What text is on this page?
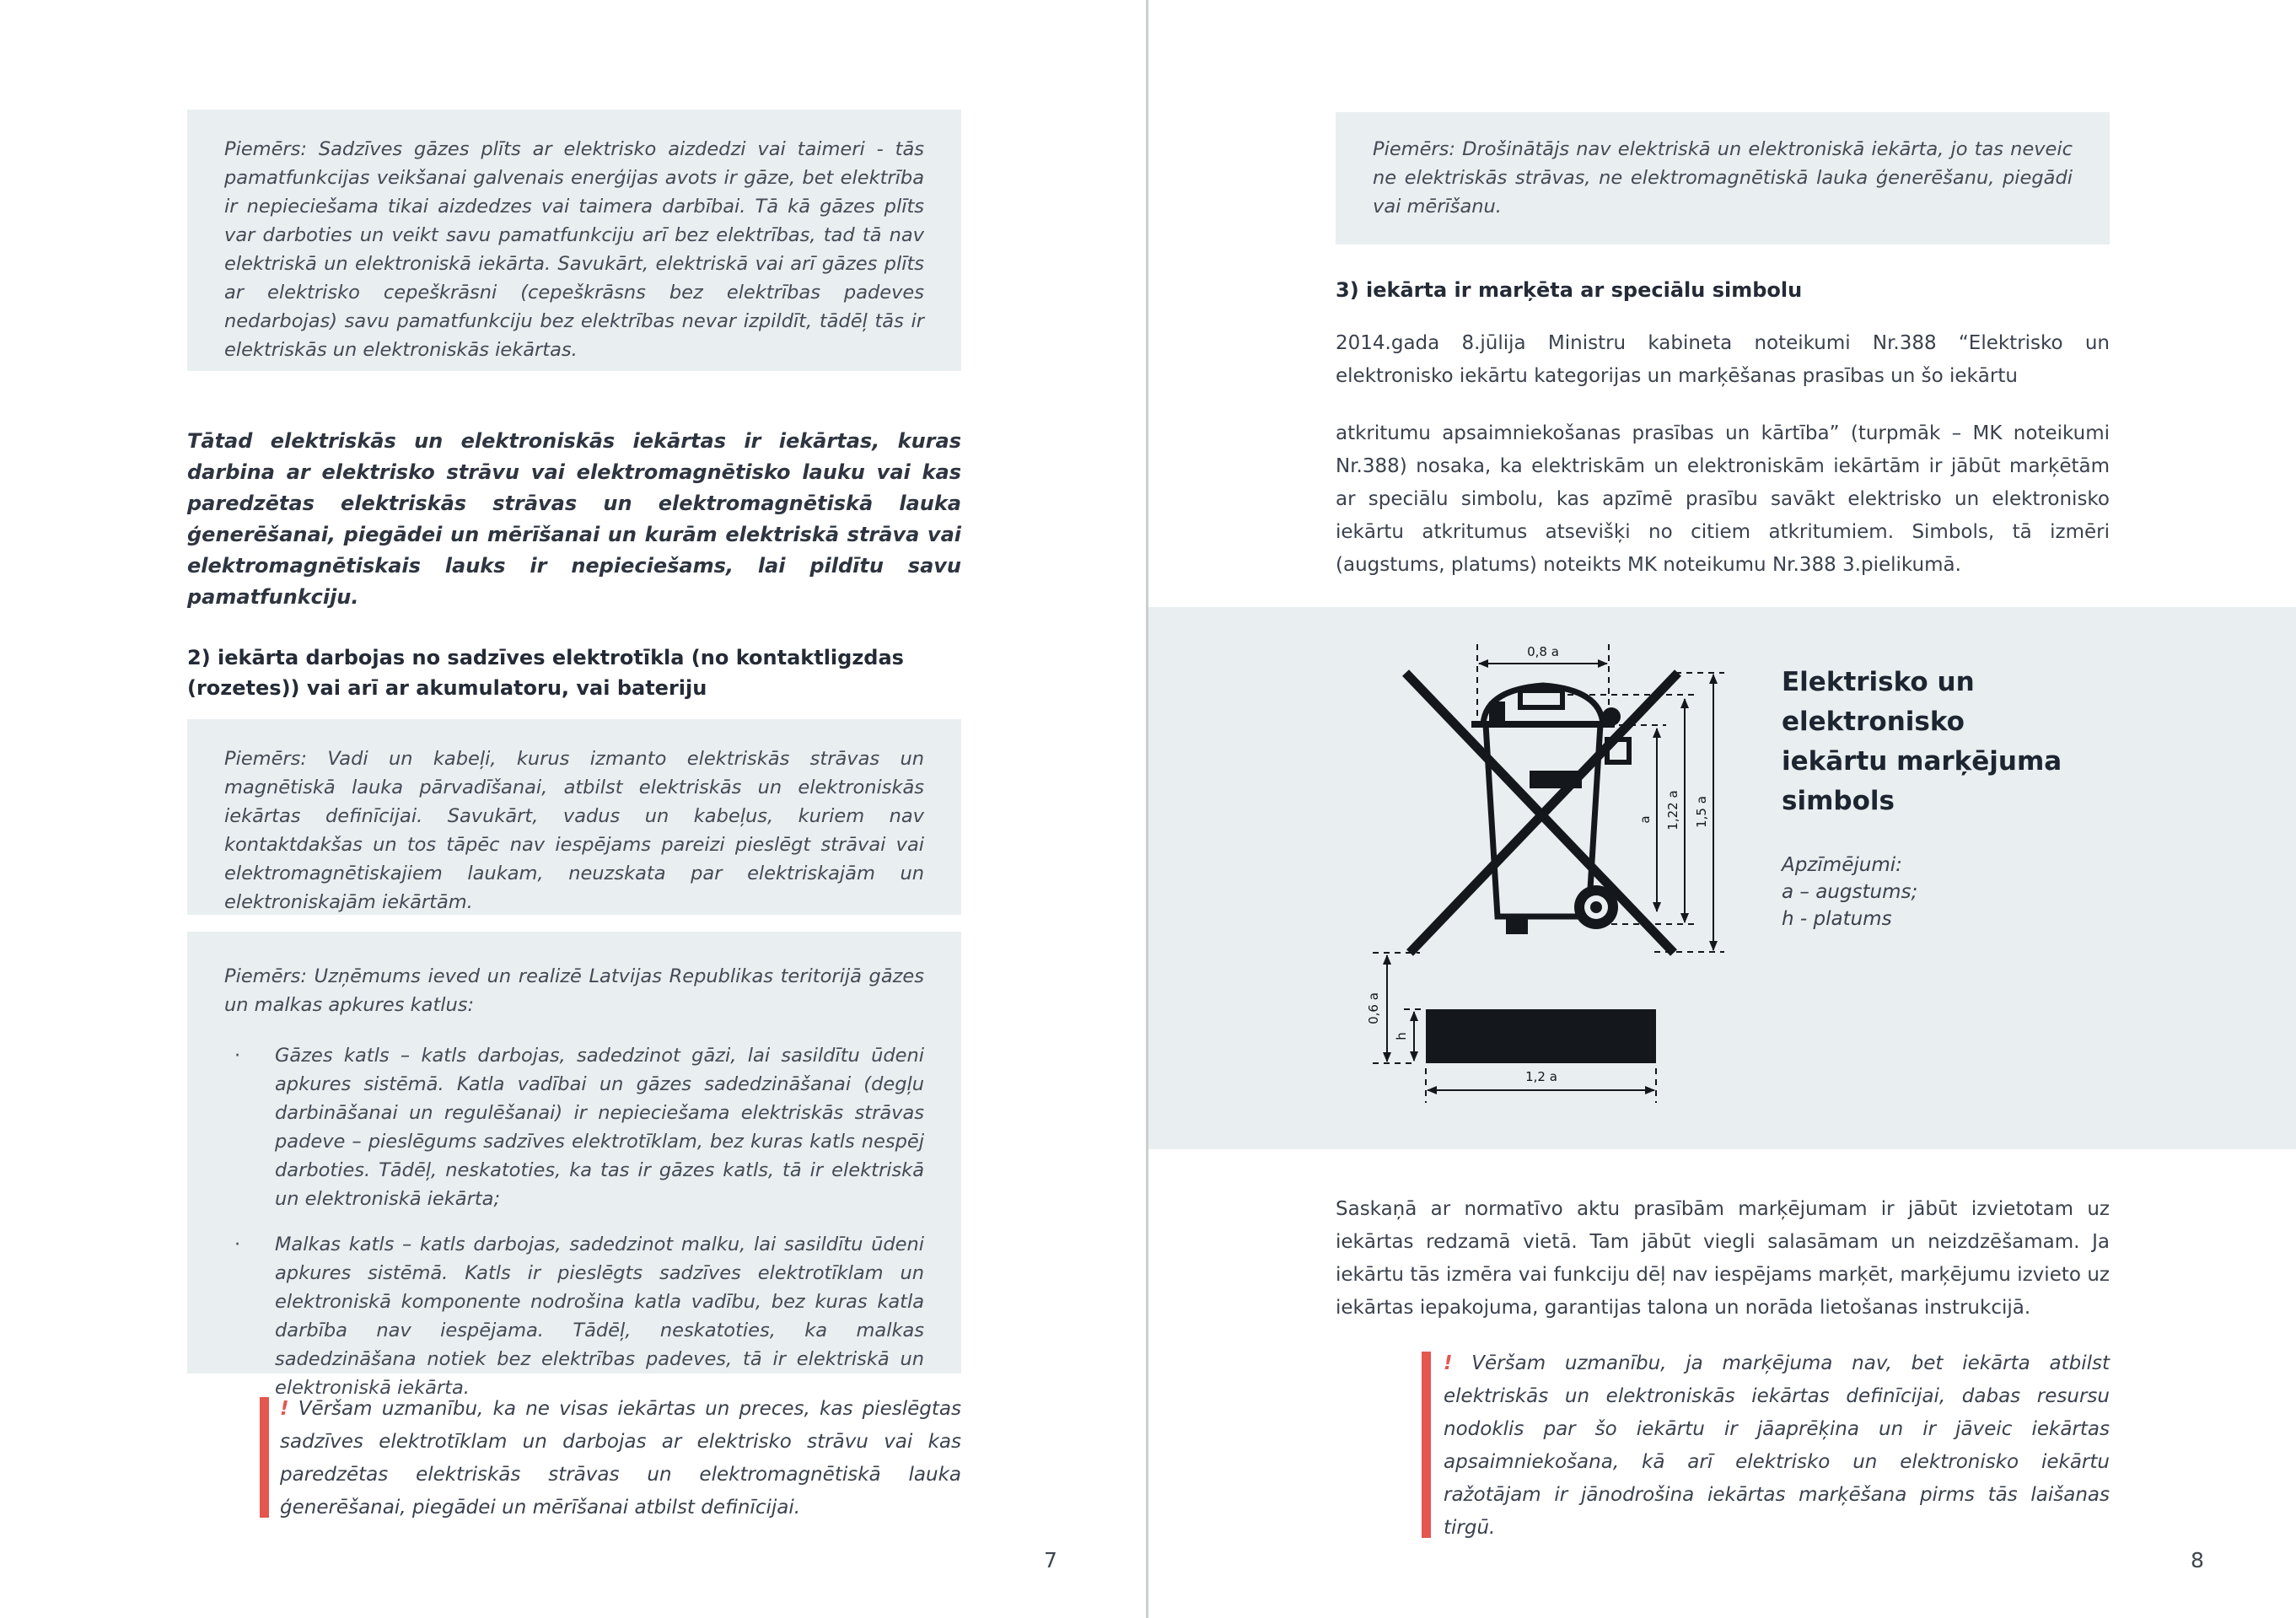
Piemērs: Sadzīves gāzes plīts ar elektrisko aizdedzi vai taimeri - tās pamatfunkcijas veikšanai galvenais enerģijas avots ir gāze, bet elektrība ir nepieciešama tikai aizdedzes vai taimera darbībai. Tā kā gāzes plīts var darboties un veikt savu pamatfunkciju arī bez elektrības, tad tā nav elektriskā un elektroniskā iekārta. Savukārt, elektriskā vai arī gāzes plīts ar elektrisko cepeškrāsni (cepeškrāsns bez elektrības padeves nedarbojas) savu pamatfunkciju bez elektrības nevar izpildīt, tādēļ tās ir elektriskās un elektroniskās iekārtas.
Tātad elektriskās un elektroniskās iekārtas ir iekārtas, kuras darbina ar elektrisko strāvu vai elektromagnētisko lauku vai kas paredzētas elektriskās strāvas un elektromagnētiskā lauka ģenerēšanai, piegādei un mērīšanai un kurām elektriskā strāva vai elektromagnētiskais lauks ir nepieciešams, lai pildītu savu pamatfunkciju.
2) iekārta darbojas no sadzīves elektrotīkla (no kontaktligzdas (rozetes)) vai arī ar akumulatoru, vai bateriju
Piemērs: Vadi un kabeļi, kurus izmanto elektriskās strāvas un magnētiskā lauka pārvadīšanai, atbilst elektriskās un elektroniskās iekārtas definīcijai. Savukārt, vadus un kabeļus, kuriem nav kontaktdakšas un tos tāpēc nav iespējams pareizi pieslēgt strāvai vai elektromagnētiskajiem laukam, neuzskata par elektriskajām un elektroniskajām iekārtām.
Piemērs: Uzņēmums ieved un realizē Latvijas Republikas teritorijā gāzes un malkas apkures katlus:
·	Gāzes katls – katls darbojas, sadedzinot gāzi, lai sasildītu ūdeni apkures sistēmā. Katla vadībai un gāzes sadedzināšanai (degļu darbināšanai un regulēšanai) ir nepieciešama elektriskās strāvas padeve – pieslēgums sadzīves elektrotīklam, bez kuras katls nespēj darboties. Tādēļ, neskatoties, ka tas ir gāzes katls, tā ir elektriskā un elektroniskā iekārta;
·	Malkas katls – katls darbojas, sadedzinot malku, lai sasildītu ūdeni apkures sistēmā. Katls ir pieslēgts sadzīves elektrotīklam un elektroniskā komponente nodrošina katla vadību, bez kuras katla darbība nav iespējama. Tādēļ, neskatoties, ka malkas sadedzināšana notiek bez elektrības padeves, tā ir elektriskā un elektroniskā iekārta.
! Vēršam uzmanību, ka ne visas iekārtas un preces, kas pieslēgtas sadzīves elektrotīklam un darbojas ar elektrisko strāvu vai kas paredzētas elektriskās strāvas un elektromagnētiskā lauka ģenerēšanai, piegādei un mērīšanai atbilst definīcijai.
7
Piemērs: Drošinātājs nav elektriskā un elektroniskā iekārta, jo tas neveic ne elektriskās strāvas, ne elektromagnētiskā lauka ģenerēšanu, piegādi vai mērīšanu.
3) iekārta ir marķēta ar speciālu simbolu
2014.gada 8.jūlija Ministru kabineta noteikumi Nr.388 “Elektrisko un elektronisko iekārtu kategorijas un marķēšanas prasības un šo iekārtu
atkritumu apsaimniekošanas prasības un kārtība” (turpmāk – MK noteikumi Nr.388) nosaka, ka elektriskām un elektroniskām iekārtām ir jābūt marķētām ar speciālu simbolu, kas apzīmē prasību savākt elektrisko un elektronisko iekārtu atkritumus atsevišķi no citiem atkritumiem. Simbols, tā izmēri (augstums, platums) noteikts MK noteikumu Nr.388 3.pielikumā.
0,8 a
a 1,22 a 1,5 a
0,6 a
h
1,2 a
Elektrisko un
elektronisko
iekārtu marķējuma
simbols
Apzīmējumi:
a – augstums;
h - platums
Saskaņā ar normatīvo aktu prasībām marķējumam ir jābūt izvietotam uz iekārtas redzamā vietā. Tam jābūt viegli salasāmam un neizdzēšamam. Ja iekārtu tās izmēra vai funkciju dēļ nav iespējams marķēt, marķējumu izvieto uz iekārtas iepakojuma, garantijas talona un norāda lietošanas instrukcijā.
! Vēršam uzmanību, ja marķējuma nav, bet iekārta atbilst elektriskās un elektroniskās iekārtas definīcijai, dabas resursu nodoklis par šo iekārtu ir jāaprēķina un ir jāveic iekārtas apsaimniekošana, kā arī elektrisko un elektronisko iekārtu ražotājam ir jānodrošina iekārtas marķēšana pirms tās laišanas tirgū.
8
